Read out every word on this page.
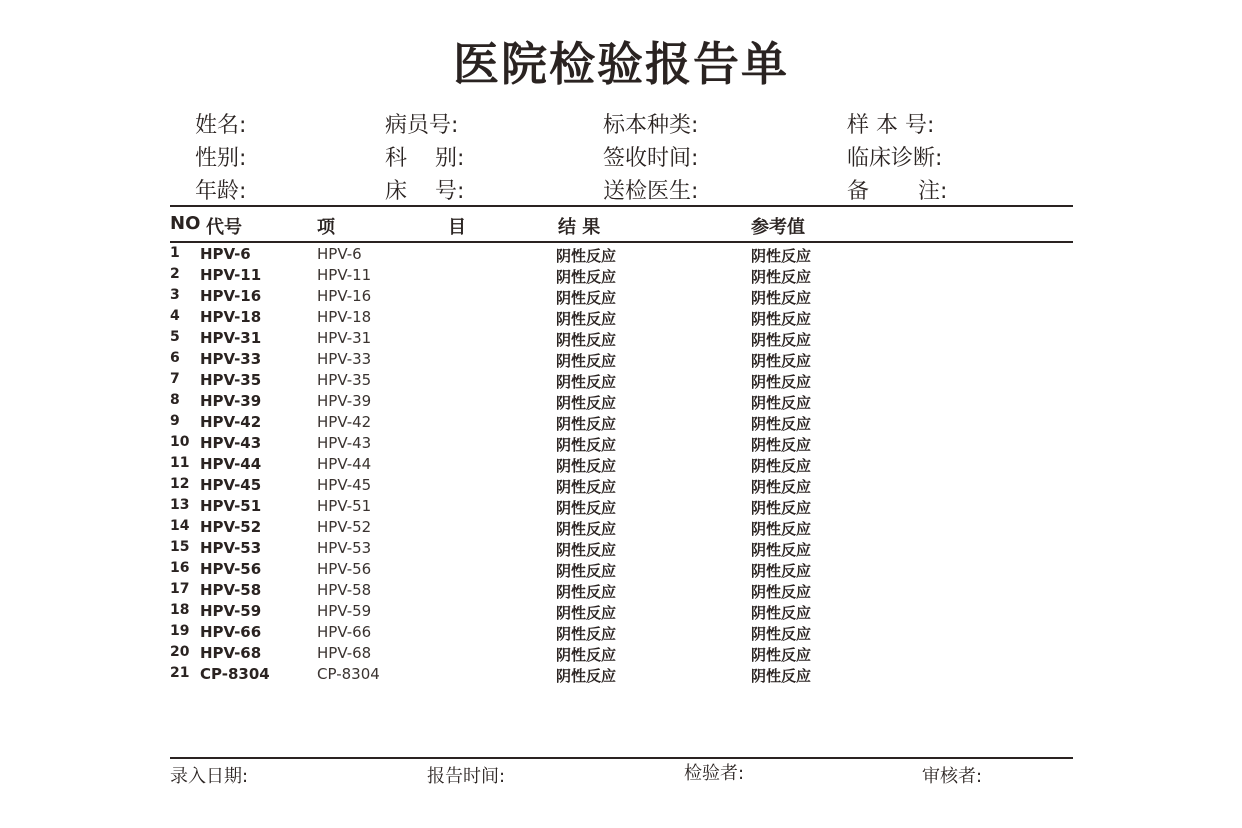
医院检验报告单
姓名:	病员号:	标本种类:	样 本 号:
性别:	科    别:	签收时间:	临床诊断:
年龄:	床    号:	送检医生:	备       注:
NO 代号	项	目	结 果	参考值
1 HPV-6	HPV-6	阴性反应	阴性反应
2 HPV-11	HPV-11	阴性反应	阴性反应
3 HPV-16	HPV-16	阴性反应	阴性反应
4 HPV-18	HPV-18	阴性反应	阴性反应
5 HPV-31	HPV-31	阴性反应	阴性反应
6 HPV-33	HPV-33	阴性反应	阴性反应
7 HPV-35	HPV-35	阴性反应	阴性反应
8 HPV-39	HPV-39	阴性反应	阴性反应
9 HPV-42	HPV-42	阴性反应	阴性反应
10 HPV-43	HPV-43	阴性反应	阴性反应
11 HPV-44	HPV-44	阴性反应	阴性反应
12 HPV-45	HPV-45	阴性反应	阴性反应
13 HPV-51	HPV-51	阴性反应	阴性反应
14 HPV-52	HPV-52	阴性反应	阴性反应
15 HPV-53	HPV-53	阴性反应	阴性反应
16 HPV-56	HPV-56	阴性反应	阴性反应
17 HPV-58	HPV-58	阴性反应	阴性反应
18 HPV-59	HPV-59	阴性反应	阴性反应
19 HPV-66	HPV-66	阴性反应	阴性反应
20 HPV-68	HPV-68	阴性反应	阴性反应
21 CP-8304	CP-8304	阴性反应	阴性反应
录入日期:	报告时间:	检验者:	审核者:
